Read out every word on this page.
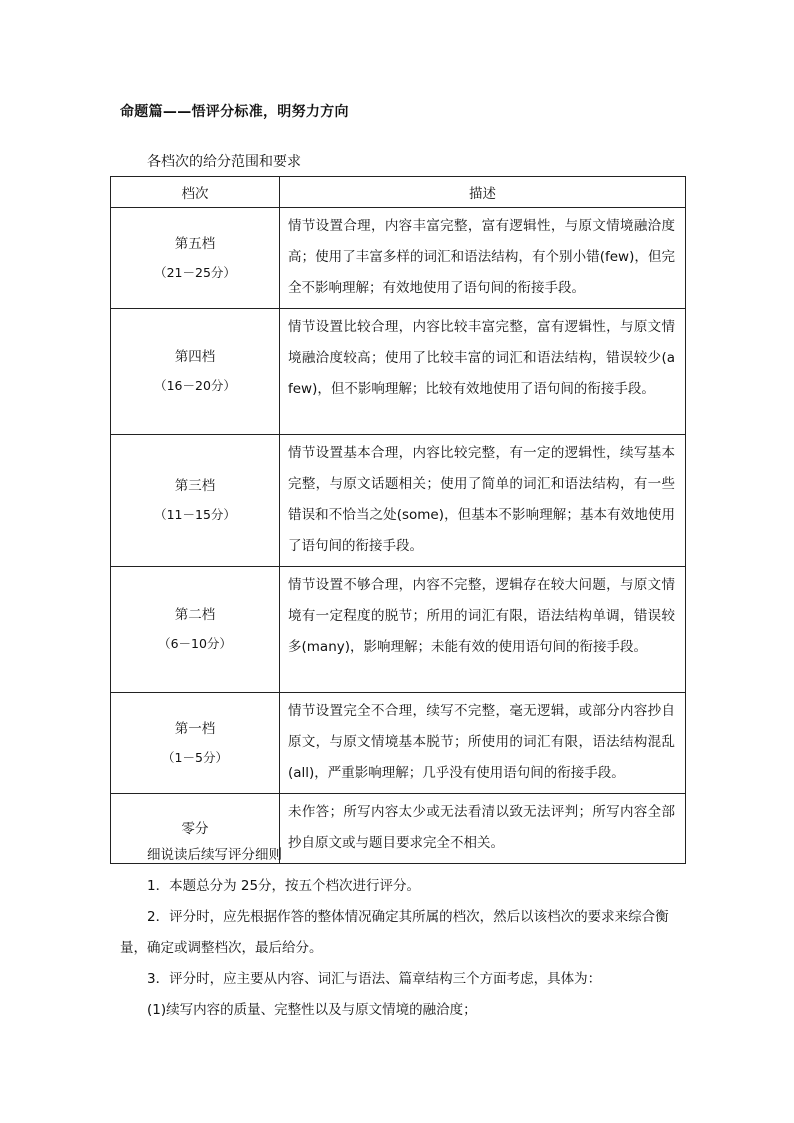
命题篇——悟评分标准，明努力方向
各档次的给分范围和要求
档次	描述

第五档
（21－25分）	情节设置合理，内容丰富完整，富有逻辑性，与原文情境融洽度高；使用了丰富多样的词汇和语法结构，有个别小错(few)，但完全不影响理解；有效地使用了语句间的衔接手段。

第四档
（16－20分）	情节设置比较合理，内容比较丰富完整，富有逻辑性，与原文情境融洽度较高；使用了比较丰富的词汇和语法结构，错误较少(a few)，但不影响理解；比较有效地使用了语句间的衔接手段。

第三档
（11－15分）	情节设置基本合理，内容比较完整，有一定的逻辑性，续写基本完整，与原文话题相关；使用了简单的词汇和语法结构，有一些错误和不恰当之处(some)，但基本不影响理解；基本有效地使用了语句间的衔接手段。

第二档
（6－10分）	情节设置不够合理，内容不完整，逻辑存在较大问题，与原文情境有一定程度的脱节；所用的词汇有限，语法结构单调，错误较多(many)，影响理解；未能有效的使用语句间的衔接手段。

第一档
（1－5分）	情节设置完全不合理，续写不完整，毫无逻辑，或部分内容抄自原文，与原文情境基本脱节；所使用的词汇有限，语法结构混乱(all)，严重影响理解；几乎没有使用语句间的衔接手段。

零分	未作答；所写内容太少或无法看清以致无法评判；所写内容全部抄自原文或与题目要求完全不相关。

细说读后续写评分细则

1．本题总分为 25分，按五个档次进行评分。

2．评分时，应先根据作答的整体情况确定其所属的档次，然后以该档次的要求来综合衡量，确定或调整档次，最后给分。

3．评分时，应主要从内容、词汇与语法、篇章结构三个方面考虑，具体为：

(1)续写内容的质量、完整性以及与原文情境的融洽度；
